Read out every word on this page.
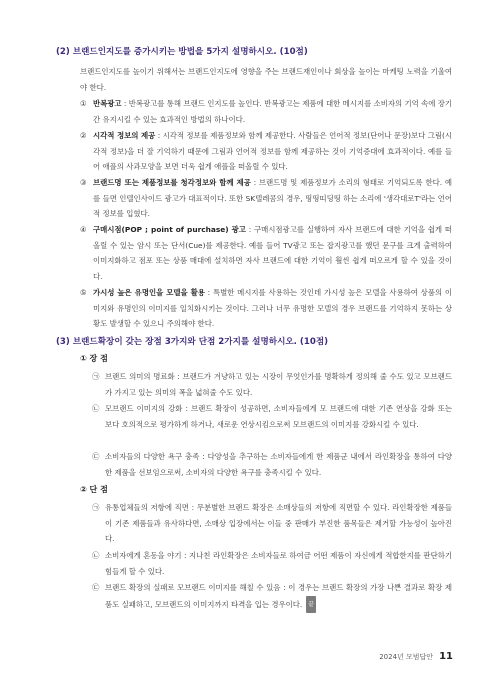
(2) 브랜드인지도를 증가시키는 방법을 5가지 설명하시오. (10점)
브랜드인지도를 높이기 위해서는 브랜드인지도에 영향을 주는 브랜드재인이나 회상을 높이는 마케팅 노력을 기울여야 한다.
① 반복광고 : 반복광고를 통해 브랜드 인지도를 높인다. 반복광고는 제품에 대한 메시지를 소비자의 기억 속에 장기간 유지시킬 수 있는 효과적인 방법의 하나이다.
② 시각적 정보의 제공 : 시각적 정보를 제품정보와 함께 제공한다. 사람들은 언어적 정보(단어나 문장)보다 그림(시각적 정보)을 더 잘 기억하기 때문에 그림과 언어적 정보를 함께 제공하는 것이 기억증대에 효과적이다. 예를 들어 애플의 사과모양을 보면 더욱 쉽게 애플을 떠올릴 수 있다.
③ 브랜드명 또는 제품정보를 청각정보와 함께 제공 : 브랜드명 및 제품정보가 소리의 형태로 기억되도록 한다. 예를 들면 인텔인사이드 광고가 대표적이다. 또한 SK텔레콤의 경우, 띵띵띠딩띵 하는 소리에 '생각대로T'라는 언어적 정보를 입혔다.
④ 구매시점(POP ; point of purchase) 광고 : 구매시점광고를 실행하여 자사 브랜드에 대한 기억을 쉽게 떠올릴 수 있는 암시 또는 단서(Cue)를 제공한다. 예를 들어 TV광고 또는 잡지광고를 했던 문구를 크게 출력하여 이미지화하고 점포 또는 상품 매대에 설치하면 자사 브랜드에 대한 기억이 훨씬 쉽게 떠오르게 할 수 있을 것이다.
⑤ 가시성 높은 유명인을 모델을 활용 : 특별한 메시지를 사용하는 것인데 가시성 높은 모델을 사용하여 상품의 이미지와 유명인의 이미지를 일치화시키는 것이다. 그러나 너무 유명한 모델의 경우 브랜드를 기억하지 못하는 상황도 발생할 수 있으니 주의해야 한다.
(3) 브랜드확장이 갖는 장점 3가지와 단점 2가지를 설명하시오. (10점)
① 장 점
㉠ 브랜드 의미의 명료화 : 브랜드가 겨냥하고 있는 시장이 무엇인가를 명확하게 정의해 줄 수도 있고 모브랜드가 가지고 있는 의미의 폭을 넓혀줄 수도 있다.
㉡ 모브랜드 이미지의 강화 : 브랜드 확장이 성공하면, 소비자들에게 모 브랜드에 대한 기존 연상을 강화 또는 보다 호의적으로 평가하게 하거나, 새로운 연상시킴으로써 모브랜드의 이미지를 강화시킬 수 있다.
㉢ 소비자들의 다양한 욕구 충족 : 다양성을 추구하는 소비자들에게 한 제품군 내에서 라인확장을 통하여 다양한 제품을 선보임으로써, 소비자의 다양한 욕구를 충족시킬 수 있다.
② 단 점
㉠ 유통업체들의 저항에 직면 : 무분별한 브랜드 확장은 소매상들의 저항에 직면할 수 있다. 라인확장한 제품들이 기존 제품들과 유사하다면, 소매상 입장에서는 이들 중 판매가 부진한 품목들은 제거할 가능성이 높아진다.
㉡ 소비자에게 혼동을 야기 : 지나친 라인확장은 소비자들로 하여금 어떤 제품이 자신에게 적합한지를 판단하기 힘들게 할 수 있다.
㉢ 브랜드 확장의 실패로 모브랜드 이미지를 해칠 수 있음 : 이 경우는 브랜드 확장의 가장 나쁜 결과로 확장 제품도 실패하고, 모브랜드의 이미지까지 타격을 입는 경우이다. 끝
2024년 모범답안 11
